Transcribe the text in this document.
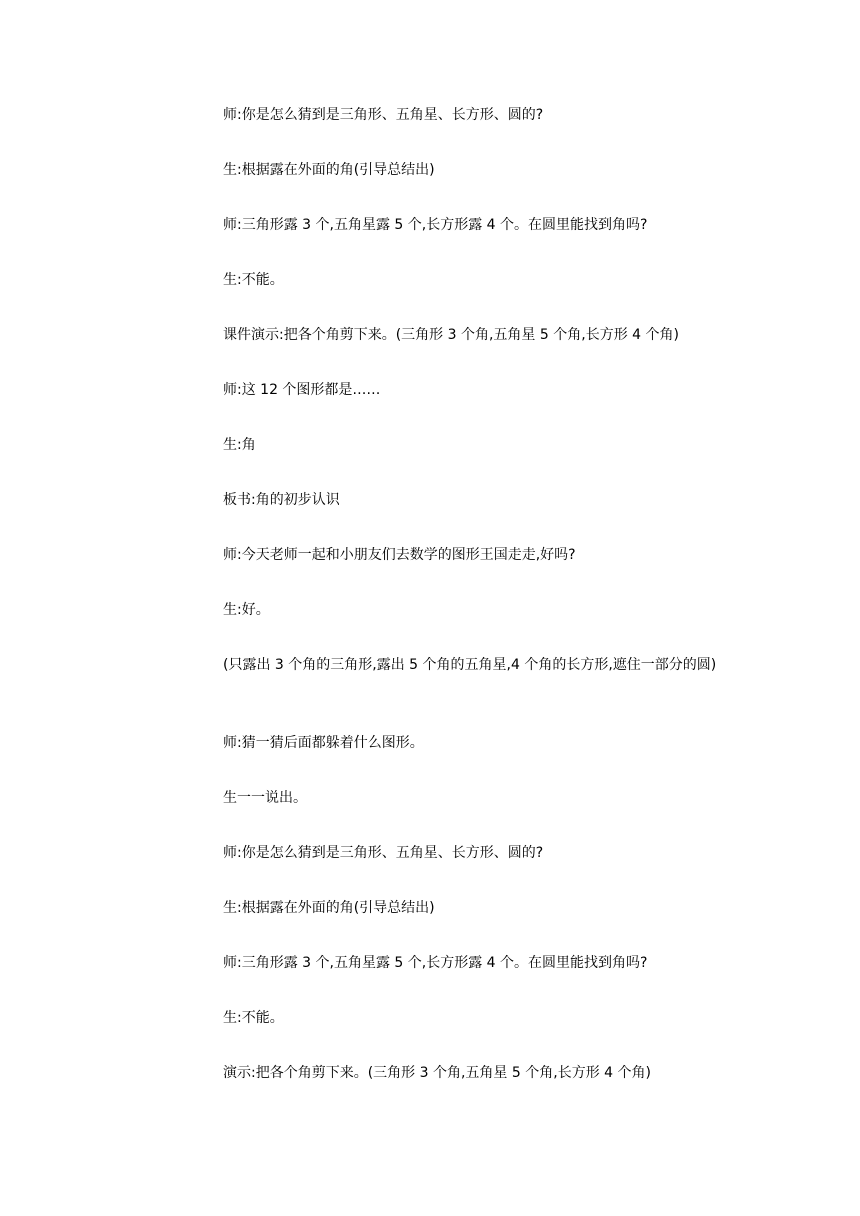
师:你是怎么猜到是三角形、五角星、长方形、圆的?

生:根据露在外面的角(引导总结出)

师:三角形露 3 个,五角星露 5 个,长方形露 4 个。在圆里能找到角吗?

生:不能。

课件演示:把各个角剪下来。(三角形 3 个角,五角星 5 个角,长方形 4 个角)

师:这 12 个图形都是……

生:角

板书:角的初步认识

师:今天老师一起和小朋友们去数学的图形王国走走,好吗?

生:好。

(只露出 3 个角的三角形,露出 5 个角的五角星,4 个角的长方形,遮住一部分的圆)

师:猜一猜后面都躲着什么图形。

生一一说出。

师:你是怎么猜到是三角形、五角星、长方形、圆的?

生:根据露在外面的角(引导总结出)

师:三角形露 3 个,五角星露 5 个,长方形露 4 个。在圆里能找到角吗?

生:不能。

演示:把各个角剪下来。(三角形 3 个角,五角星 5 个角,长方形 4 个角)
